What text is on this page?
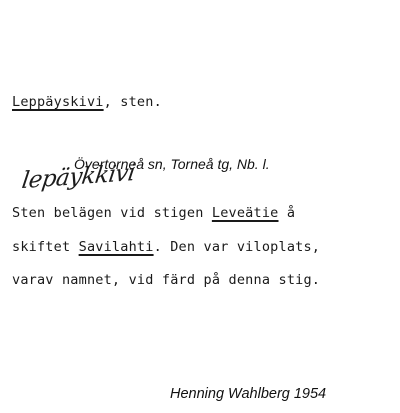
Leppäyskivi, sten.
Övertorneå sn, Torneå tg, Nb. l.
lepäykkivi
Sten belägen vid stigen Leveätie å
skiftet Savilahti. Den var viloplats,
varav namnet, vid färd på denna stig.
Henning Wahlberg 1954
